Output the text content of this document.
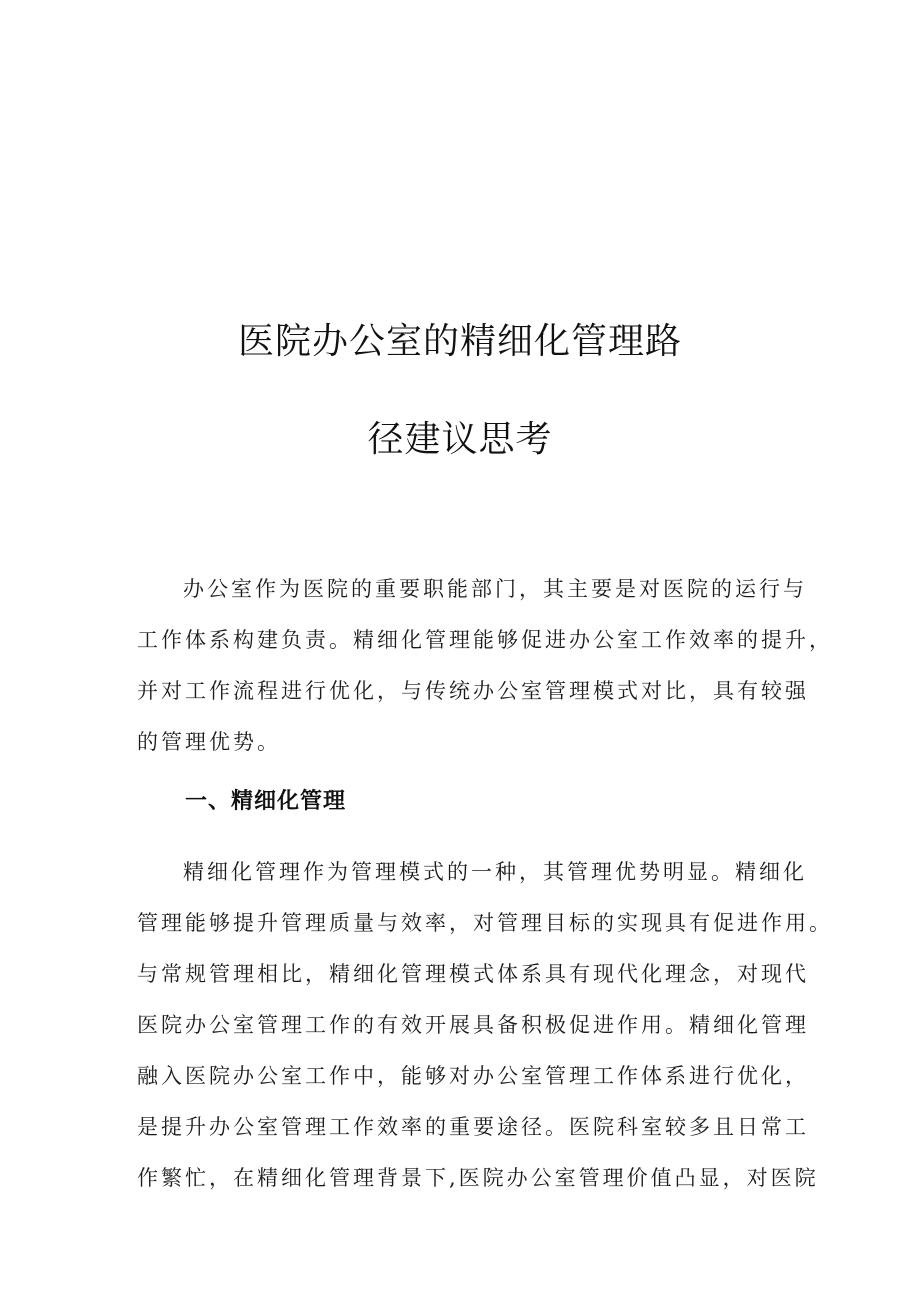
医院办公室的精细化管理路
径建议思考
办公室作为医院的重要职能部门，其主要是对医院的运行与
工作体系构建负责。精细化管理能够促进办公室工作效率的提升，
并对工作流程进行优化，与传统办公室管理模式对比，具有较强
的管理优势。
一、精细化管理
精细化管理作为管理模式的一种，其管理优势明显。精细化
管理能够提升管理质量与效率，对管理目标的实现具有促进作用。
与常规管理相比，精细化管理模式体系具有现代化理念，对现代
医院办公室管理工作的有效开展具备积极促进作用。精细化管理
融入医院办公室工作中，能够对办公室管理工作体系进行优化，
是提升办公室管理工作效率的重要途径。医院科室较多且日常工
作繁忙，在精细化管理背景下,医院办公室管理价值凸显，对医院
